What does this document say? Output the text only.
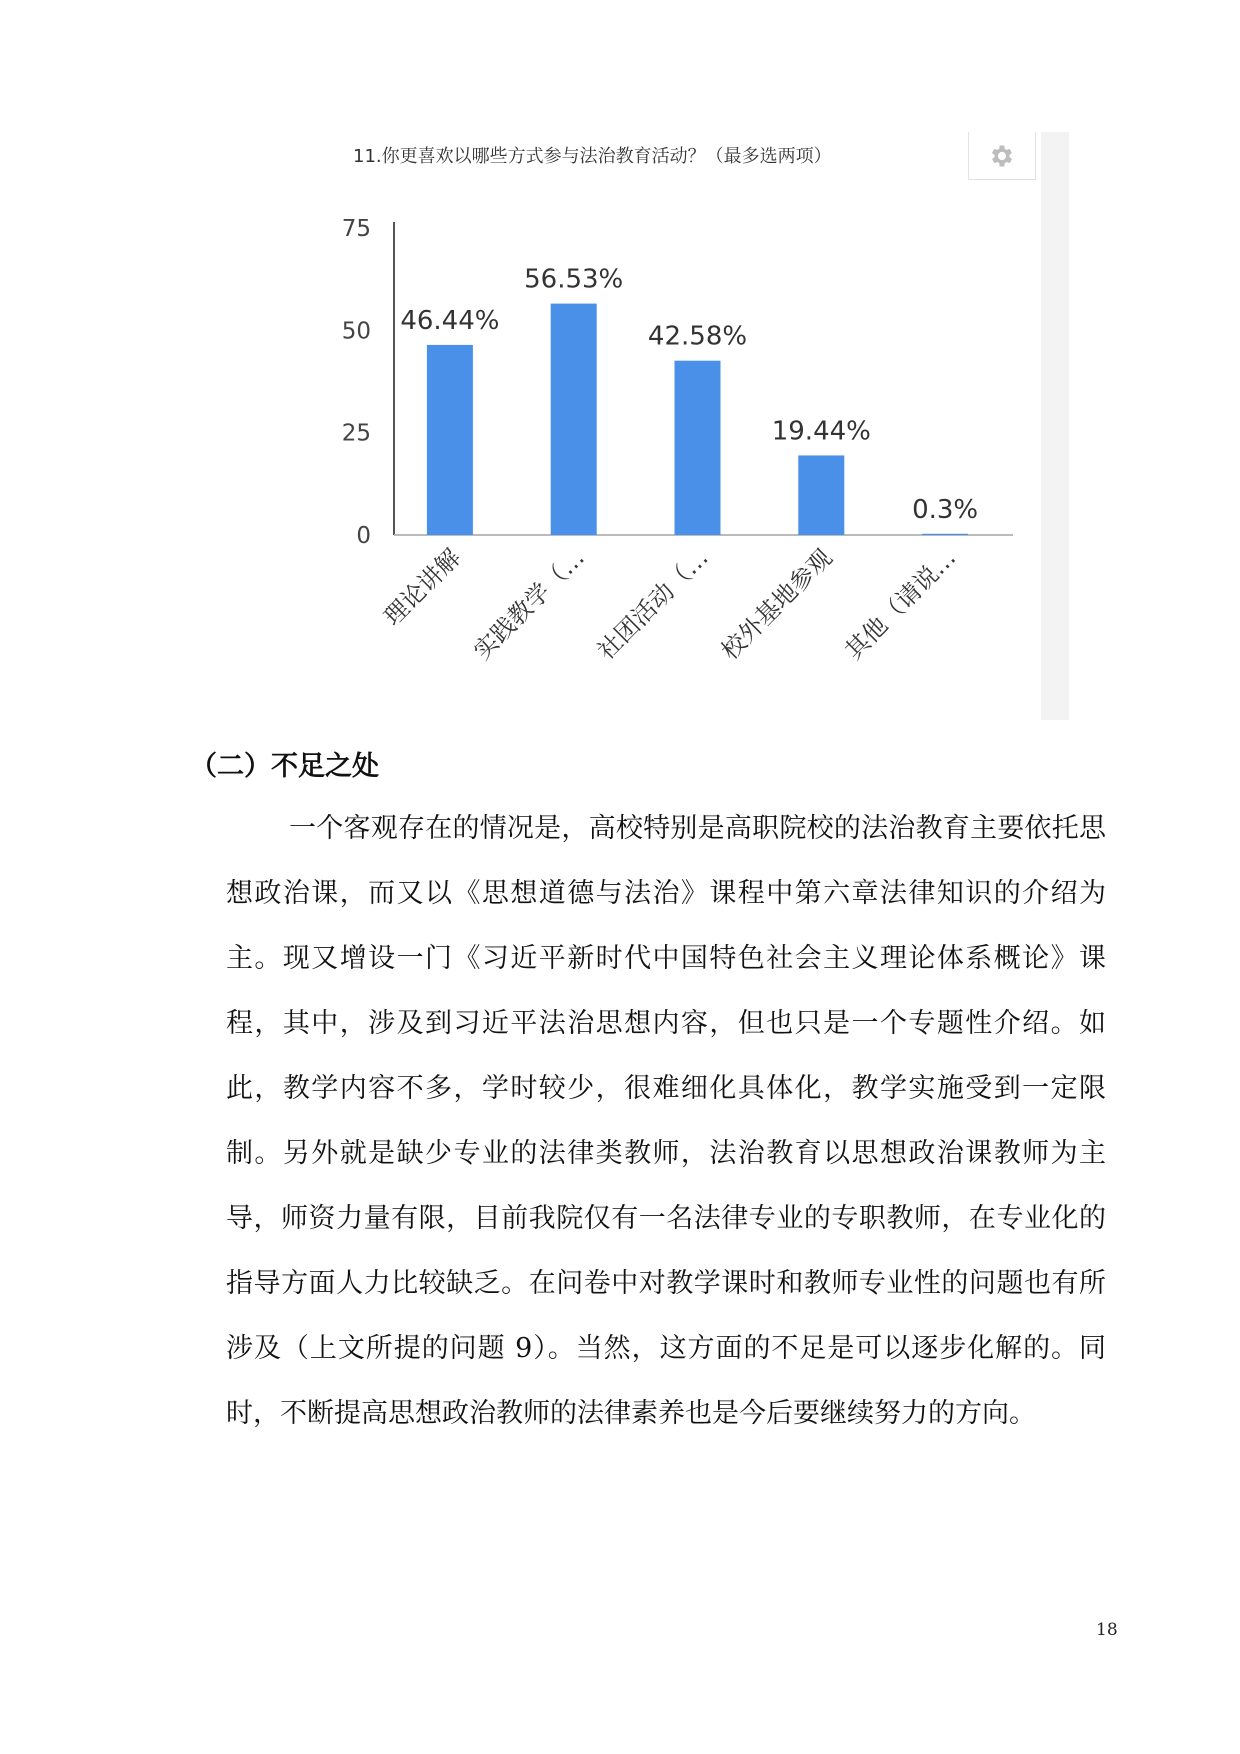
11.你更喜欢以哪些方式参与法治教育活动？（最多选两项）
0
25
50
75
46.44%
理论讲解
56.53%
实践教学（…
42.58%
社团活动（…
19.44%
校外基地参观
0.3%
其他（请说…
（二）不足之处

一个客观存在的情况是，高校特别是高职院校的法治教育主要依托思想政治课，而又以《思想道德与法治》课程中第六章法律知识的介绍为主。现又增设一门《习近平新时代中国特色社会主义理论体系概论》课程，其中，涉及到习近平法治思想内容，但也只是一个专题性介绍。如此，教学内容不多，学时较少，很难细化具体化，教学实施受到一定限制。另外就是缺少专业的法律类教师，法治教育以思想政治课教师为主导，师资力量有限，目前我院仅有一名法律专业的专职教师，在专业化的指导方面人力比较缺乏。在问卷中对教学课时和教师专业性的问题也有所涉及（上文所提的问题 9）。当然，这方面的不足是可以逐步化解的。同时，不断提高思想政治教师的法律素养也是今后要继续努力的方向。

18
